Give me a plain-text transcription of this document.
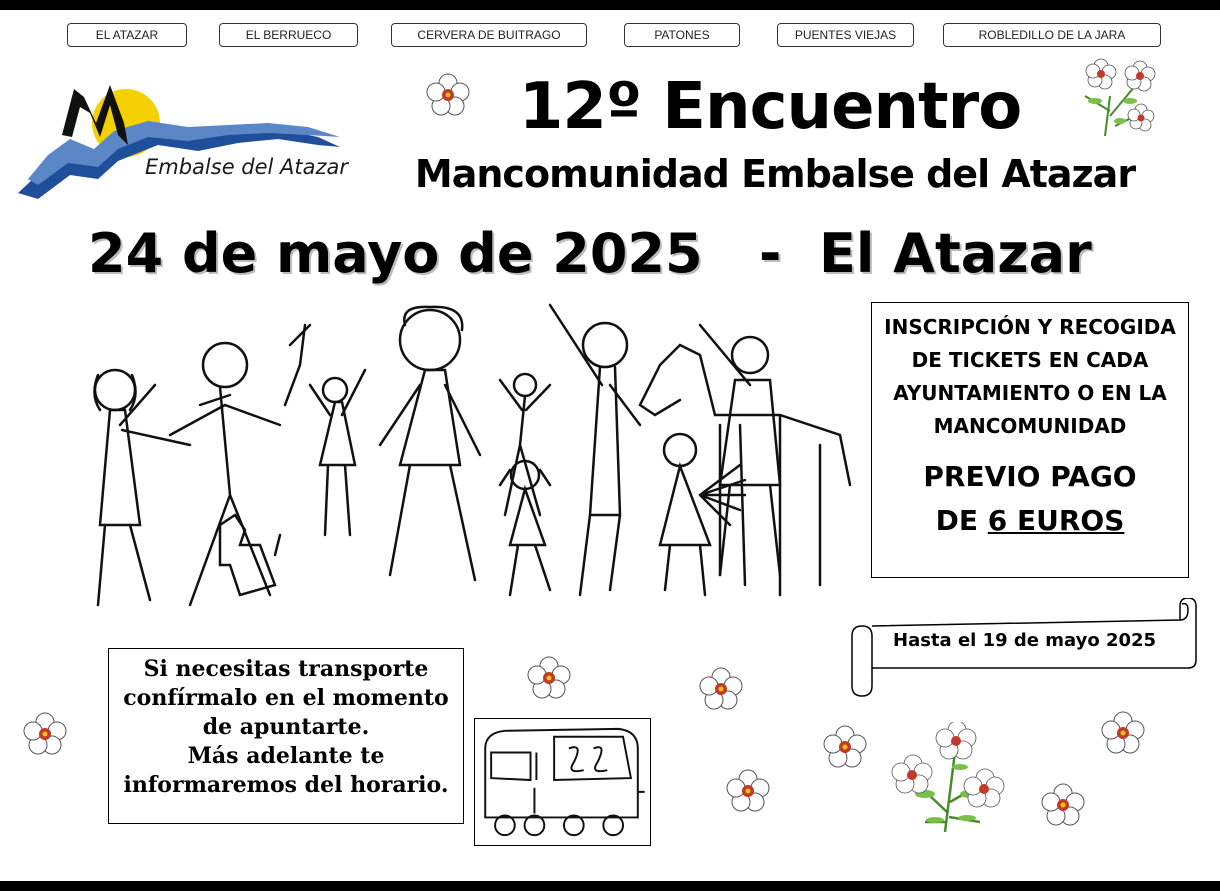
EL ATAZAR	EL BERRUECO	CERVERA DE BUITRAGO	PATONES	PUENTES VIEJAS	ROBLEDILLO DE LA JARA
Embalse del Atazar
12º Encuentro
Mancomunidad Embalse del Atazar
24 de mayo de 2025   -  El Atazar
INSCRIPCIÓN Y RECOGIDA
DE TICKETS EN CADA
AYUNTAMIENTO O EN LA
MANCOMUNIDAD
PREVIO PAGO
DE 6 EUROS
Hasta el 19 de mayo 2025
Si necesitas transporte
confírmalo en el momento
de apuntarte.
Más adelante te
informaremos del horario.
